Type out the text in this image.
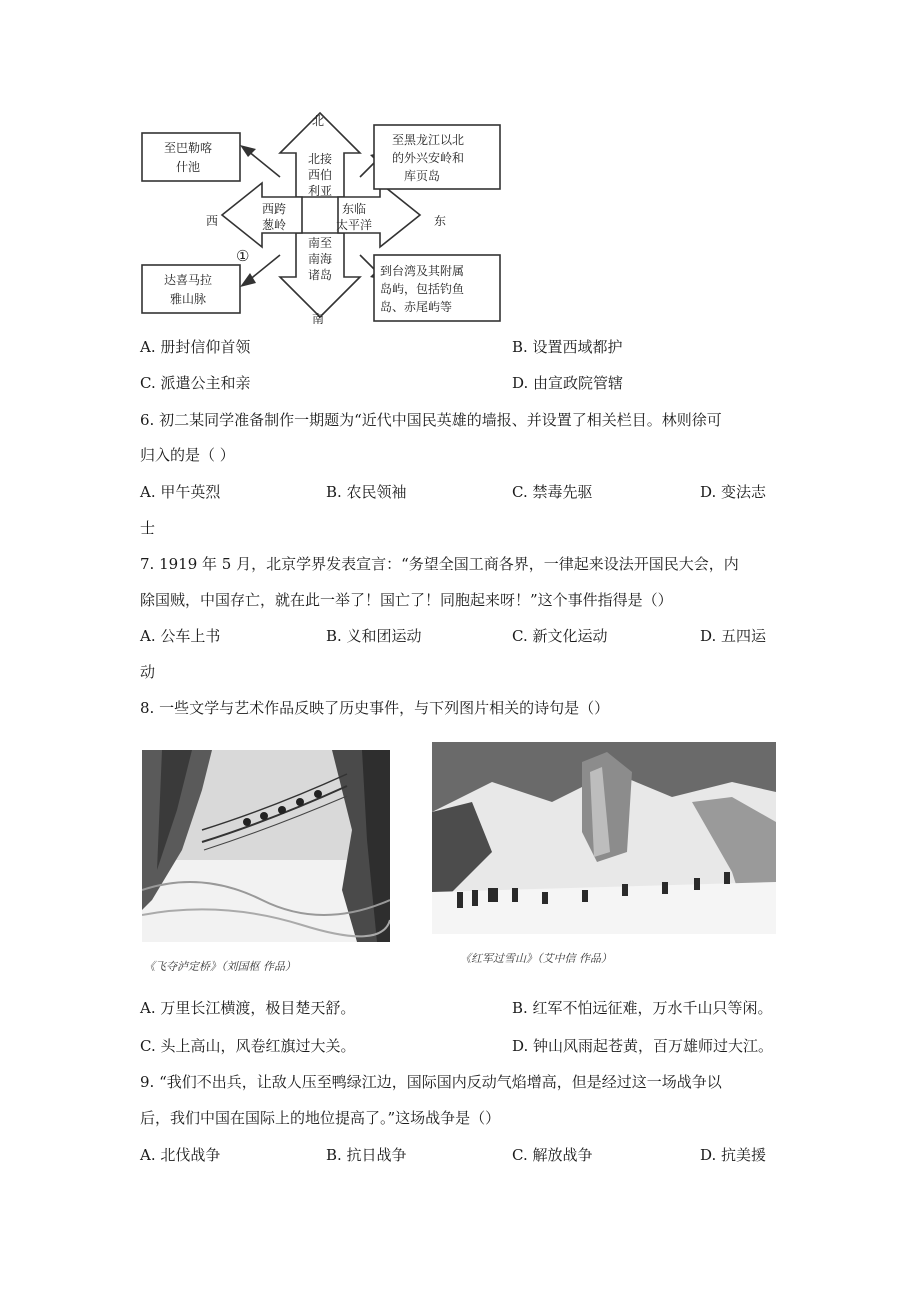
北
南
西	东
①
至巴勒喀
什池
至黑龙江以北
的外兴安岭和
库页岛
达喜马拉
雅山脉
到台湾及其附属
岛屿，包括钓鱼
岛、赤尾屿等
北接
西伯
利亚
西跨
葱岭
东临
太平洋
南至
南海
诸岛
A. 册封信仰首领	B. 设置西域都护
C. 派遣公主和亲	D. 由宣政院管辖
6. 初二某同学准备制作一期题为“近代中国民英雄的墙报、并设置了相关栏目。林则徐可
归入的是（ ）
A. 甲午英烈	B. 农民领袖	C. 禁毒先驱	D. 变法志
士
7. 1919 年 5 月，北京学界发表宣言：“务望全国工商各界，一律起来设法开国民大会，内
除国贼，中国存亡，就在此一举了！国亡了！同胞起来呀！”这个事件指得是（）
A. 公车上书	B. 义和团运动	C. 新文化运动	D. 五四运
动
8. 一些文学与艺术作品反映了历史事件，与下列图片相关的诗句是（）
《飞夺泸定桥》（刘国枢 作品）
《红军过雪山》（艾中信 作品）
A. 万里长江横渡，极目楚天舒。	B. 红军不怕远征难，万水千山只等闲。
C. 头上高山，风卷红旗过大关。	D. 钟山风雨起苍黄，百万雄师过大江。
9. “我们不出兵，让敌人压至鸭绿江边，国际国内反动气焰增高，但是经过这一场战争以
后，我们中国在国际上的地位提高了。”这场战争是（）
A. 北伐战争	B. 抗日战争	C. 解放战争	D. 抗美援
